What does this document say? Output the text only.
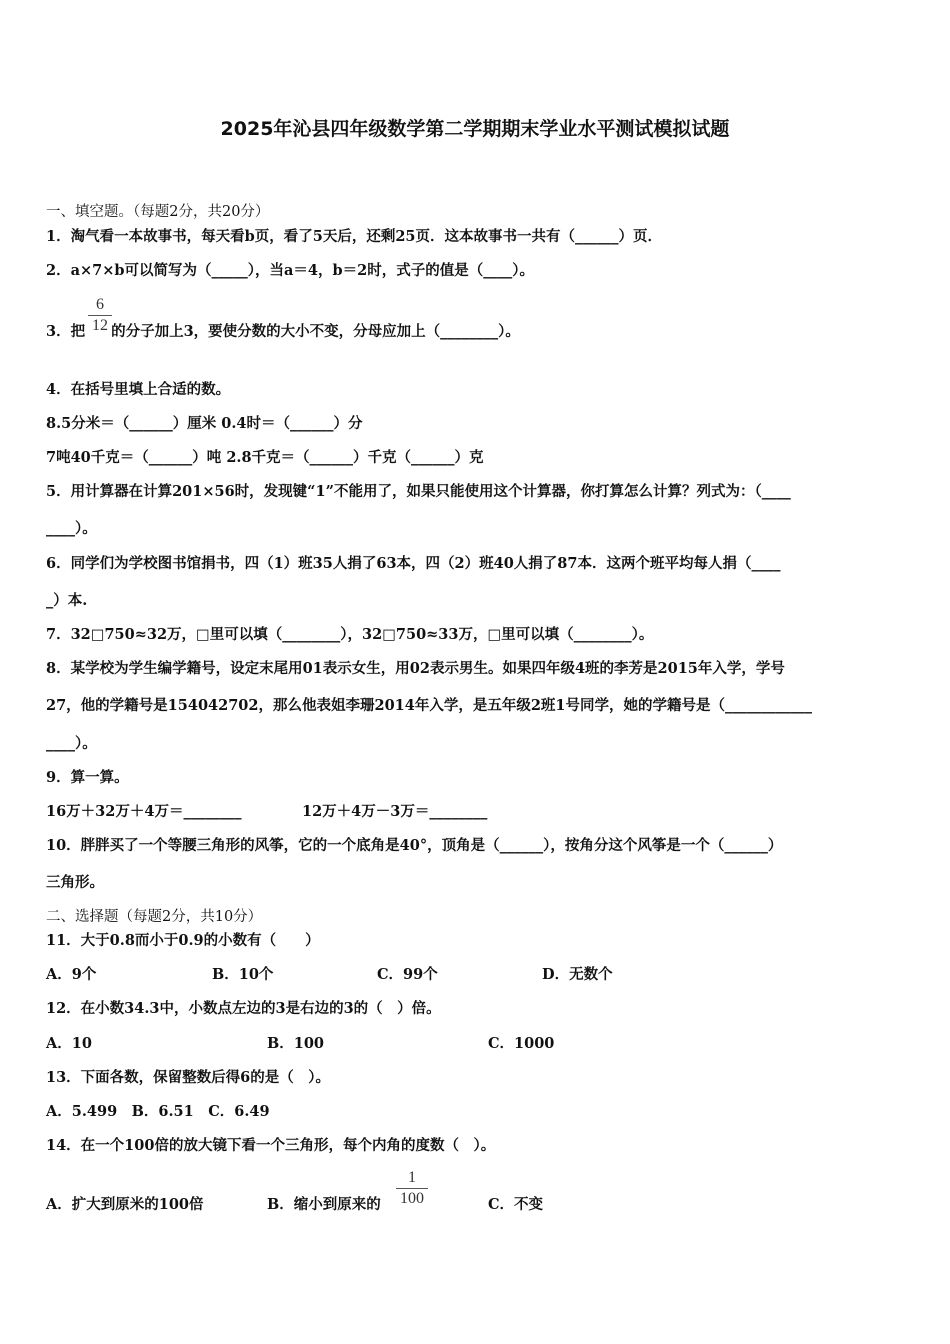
2025年沁县四年级数学第二学期期末学业水平测试模拟试题
一、填空题。（每题2分，共20分）
1．淘气看一本故事书，每天看b页，看了5天后，还剩25页．这本故事书一共有（______）页．
2．a×7×b可以简写为（_____），当a＝4，b＝2时，式子的值是（____）。
3．把 的分子加上3，要使分数的大小不变，分母应加上（________）。
6
12
4．在括号里填上合适的数。
8.5分米＝（______）厘米 0.4时＝（______）分
7吨40千克＝（______）吨 2.8千克＝（______）千克（______）克
5．用计算器在计算201×56时，发现键“1”不能用了，如果只能使用这个计算器，你打算怎么计算？列式为：（____
____）。
6．同学们为学校图书馆捐书，四（1）班35人捐了63本，四（2）班40人捐了87本．这两个班平均每人捐（____
_）本.
7．32□750≈32万，□里可以填（________），32□750≈33万，□里可以填（________）。
8．某学校为学生编学籍号，设定末尾用01表示女生，用02表示男生。如果四年级4班的李芳是2015年入学，学号
27，他的学籍号是154042702，那么他表姐李珊2014年入学，是五年级2班1号同学，她的学籍号是（____________
____）。
9．算一算。
16万＋32万＋4万＝________	12万＋4万－3万＝________
10．胖胖买了一个等腰三角形的风筝，它的一个底角是40°，顶角是（______），按角分这个风筝是一个（______）
三角形。
二、选择题（每题2分，共10分）
11．大于0.8而小于0.9的小数有（　　）
A．9个	B．10个	C．99个	D．无数个
12．在小数34.3中，小数点左边的3是右边的3的（　）倍。
A．10	B．100	C．1000
13．下面各数，保留整数后得6的是（　）。
A．5.499　B．6.51　C．6.49
14．在一个100倍的放大镜下看一个三角形，每个内角的度数（　）。
A．扩大到原米的100倍	B．缩小到原来的
1
100	C．不变
